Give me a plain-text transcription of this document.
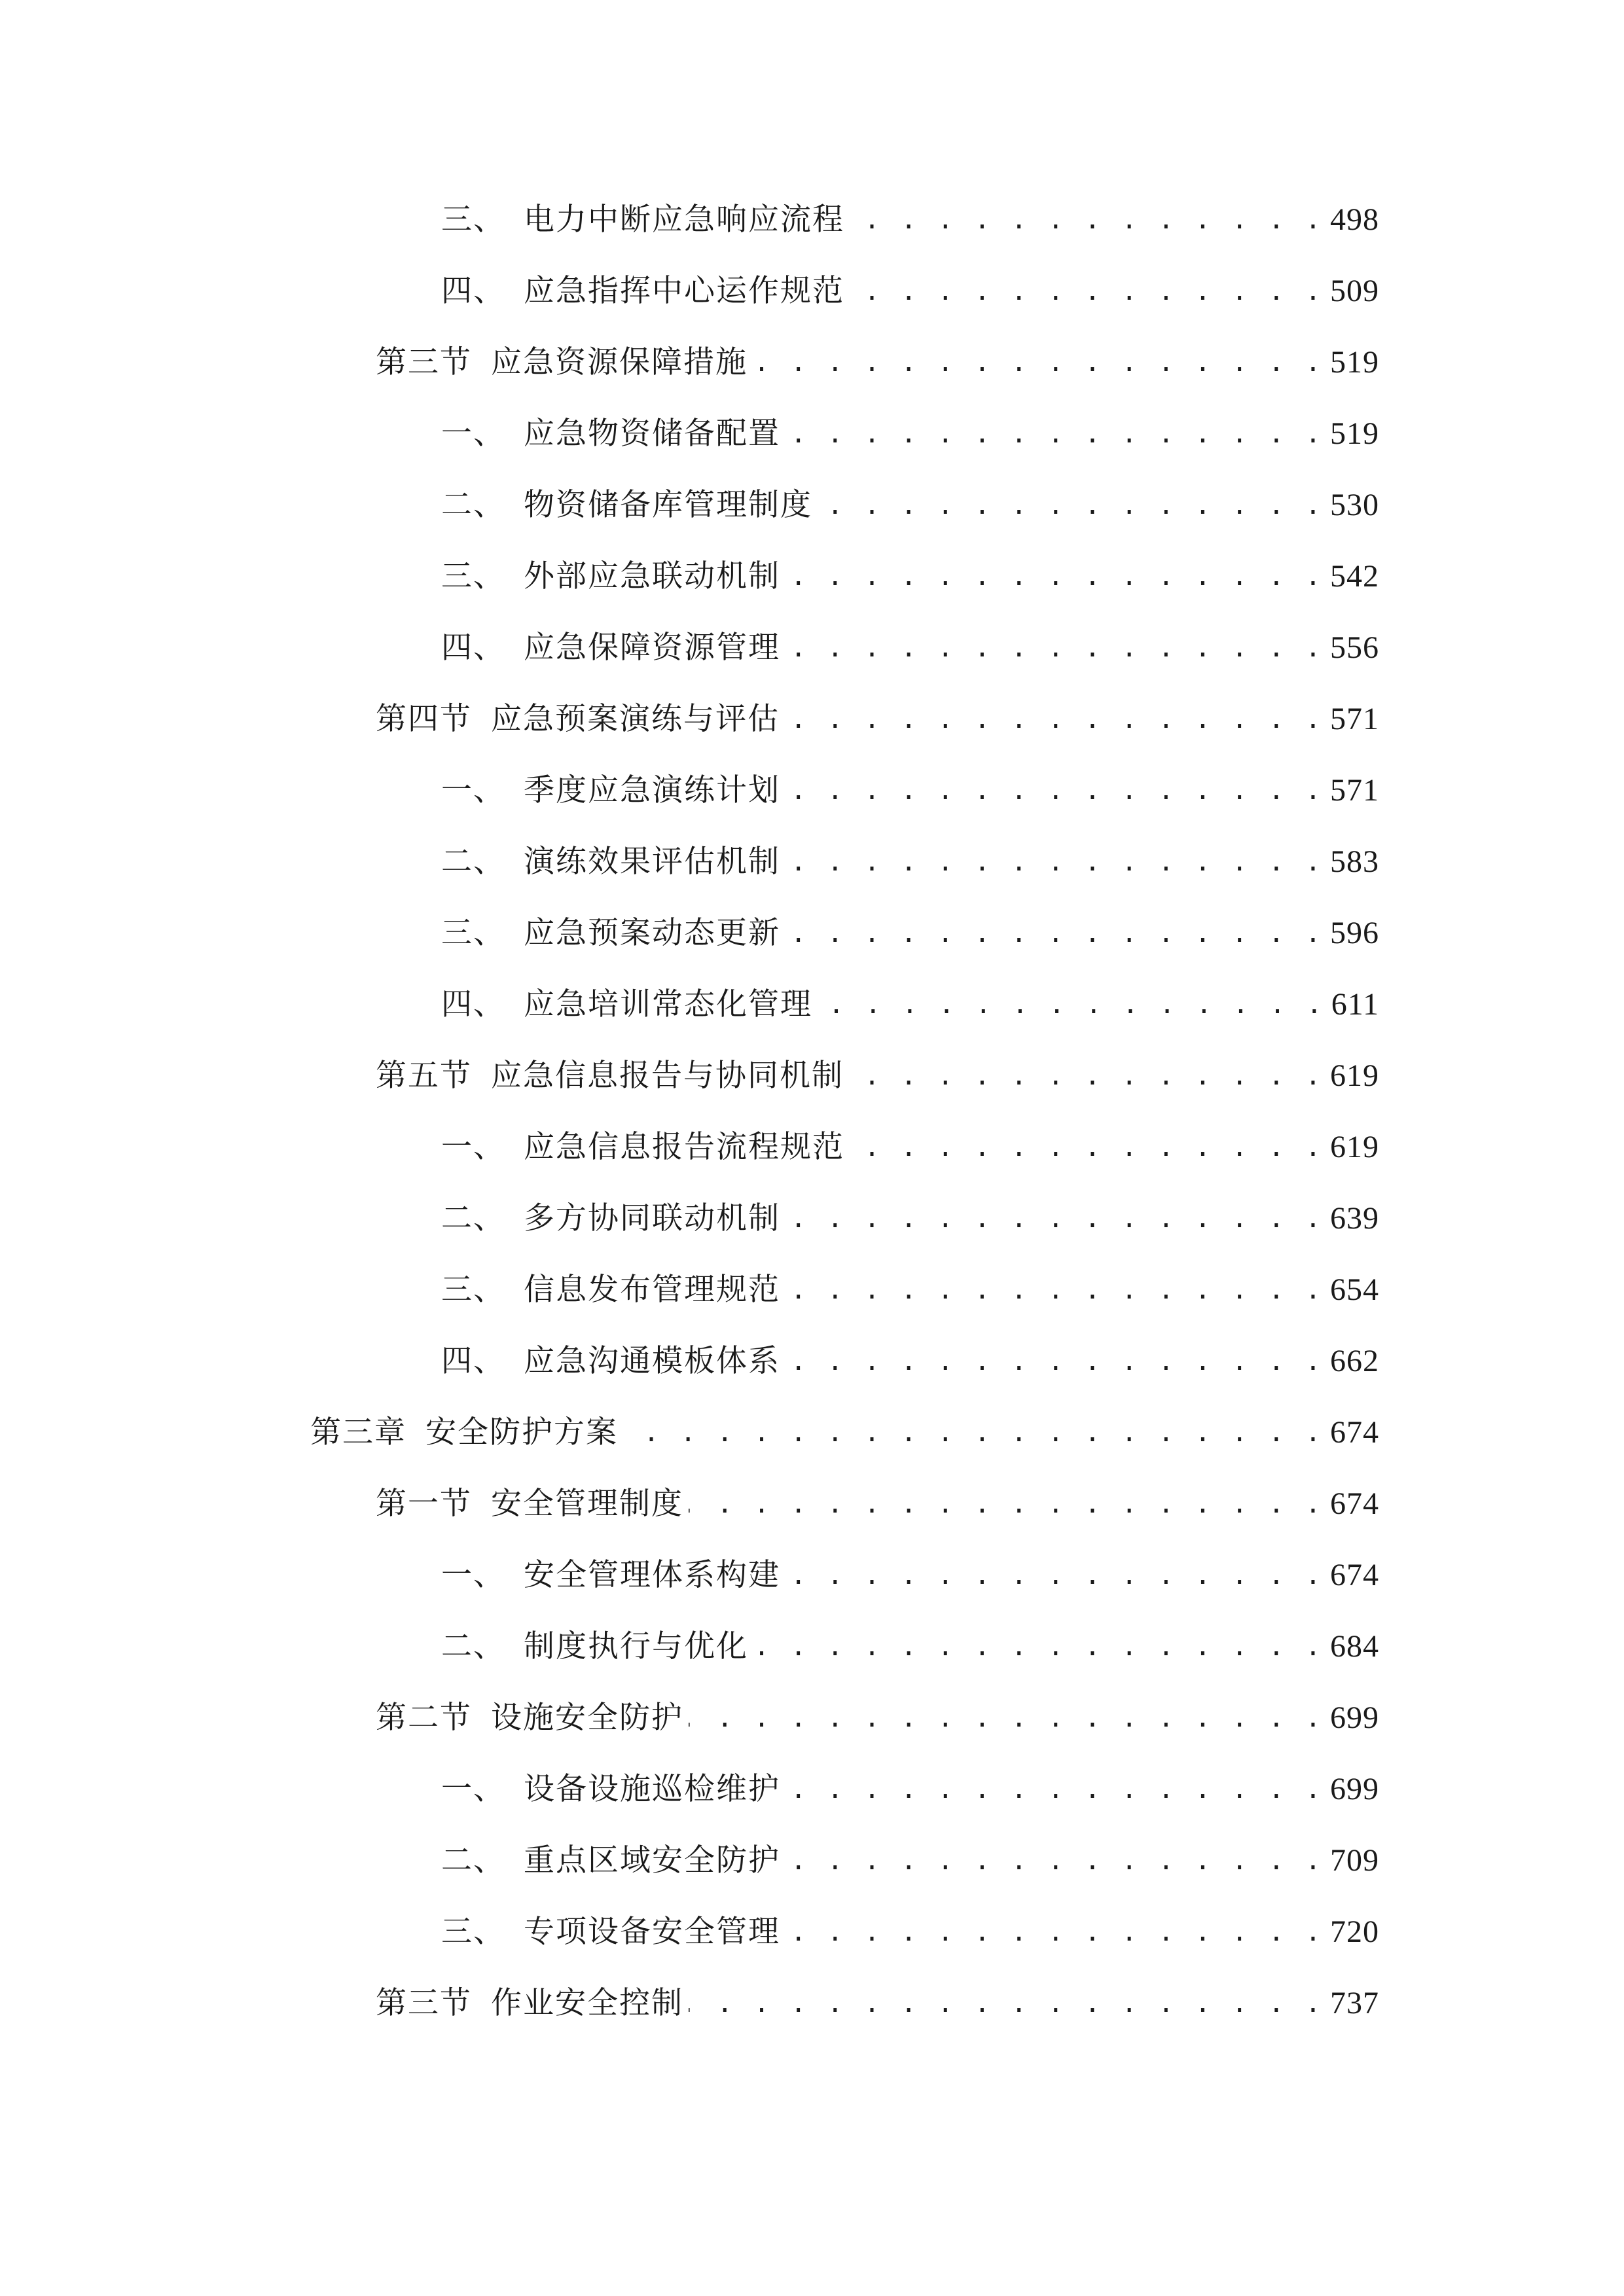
三、 电力中断应急响应流程 . . .	498
四、 应急指挥中心运作规范 . . .	509
第三节 应急资源保障措施 . . .	519
一、 应急物资储备配置 . . .	519
二、 物资储备库管理制度 . . .	530
三、 外部应急联动机制 . . .	542
四、 应急保障资源管理 . . .	556
第四节 应急预案演练与评估 . . .	571
一、 季度应急演练计划 . . .	571
二、 演练效果评估机制 . . .	583
三、 应急预案动态更新 . . .	596
四、 应急培训常态化管理 . . .	611
第五节 应急信息报告与协同机制 . . .	619
一、 应急信息报告流程规范 . . .	619
二、 多方协同联动机制 . . .	639
三、 信息发布管理规范 . . .	654
四、 应急沟通模板体系 . . .	662
第三章 安全防护方案 . . .	674
第一节 安全管理制度 . . .	674
一、 安全管理体系构建 . . .	674
二、 制度执行与优化 . . .	684
第二节 设施安全防护 . . .	699
一、 设备设施巡检维护 . . .	699
二、 重点区域安全防护 . . .	709
三、 专项设备安全管理 . . .	720
第三节 作业安全控制 . . .	737
